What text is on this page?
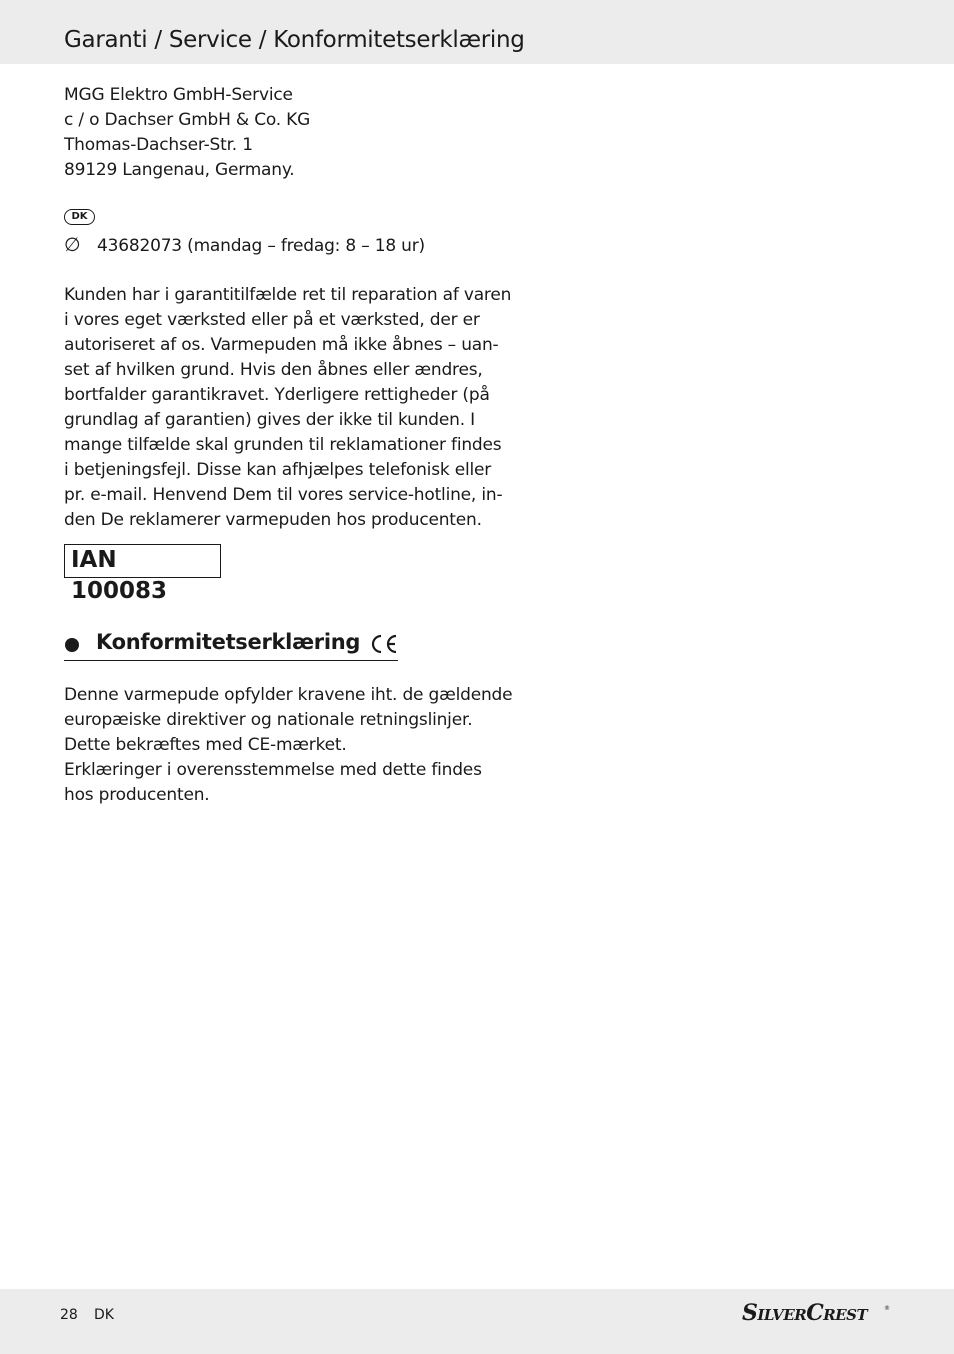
Garanti / Service / Konformitetserklæring
MGG Elektro GmbH-Service
c / o Dachser GmbH & Co. KG
Thomas-Dachser-Str. 1
89129 Langenau, Germany.
DK
∅ 43682073 (mandag – fredag: 8 – 18 ur)
Kunden har i garantitilfælde ret til reparation af varen
i vores eget værksted eller på et værksted, der er
autoriseret af os. Varmepuden må ikke åbnes – uan-
set af hvilken grund. Hvis den åbnes eller ændres,
bortfalder garantikravet. Yderligere rettigheder (på
grundlag af garantien) gives der ikke til kunden. I
mange tilfælde skal grunden til reklamationer findes
i betjeningsfejl. Disse kan afhjælpes telefonisk eller
pr. e-mail. Henvend Dem til vores service-hotline, in-
den De reklamerer varmepuden hos producenten.
IAN 100083
Konformitetserklæring
Denne varmepude opfylder kravene iht. de gældende
europæiske direktiver og nationale retningslinjer.
Dette bekræftes med CE-mærket.
Erklæringer i overensstemmelse med dette findes
hos producenten.
28 DK	SILVERCREST	®
